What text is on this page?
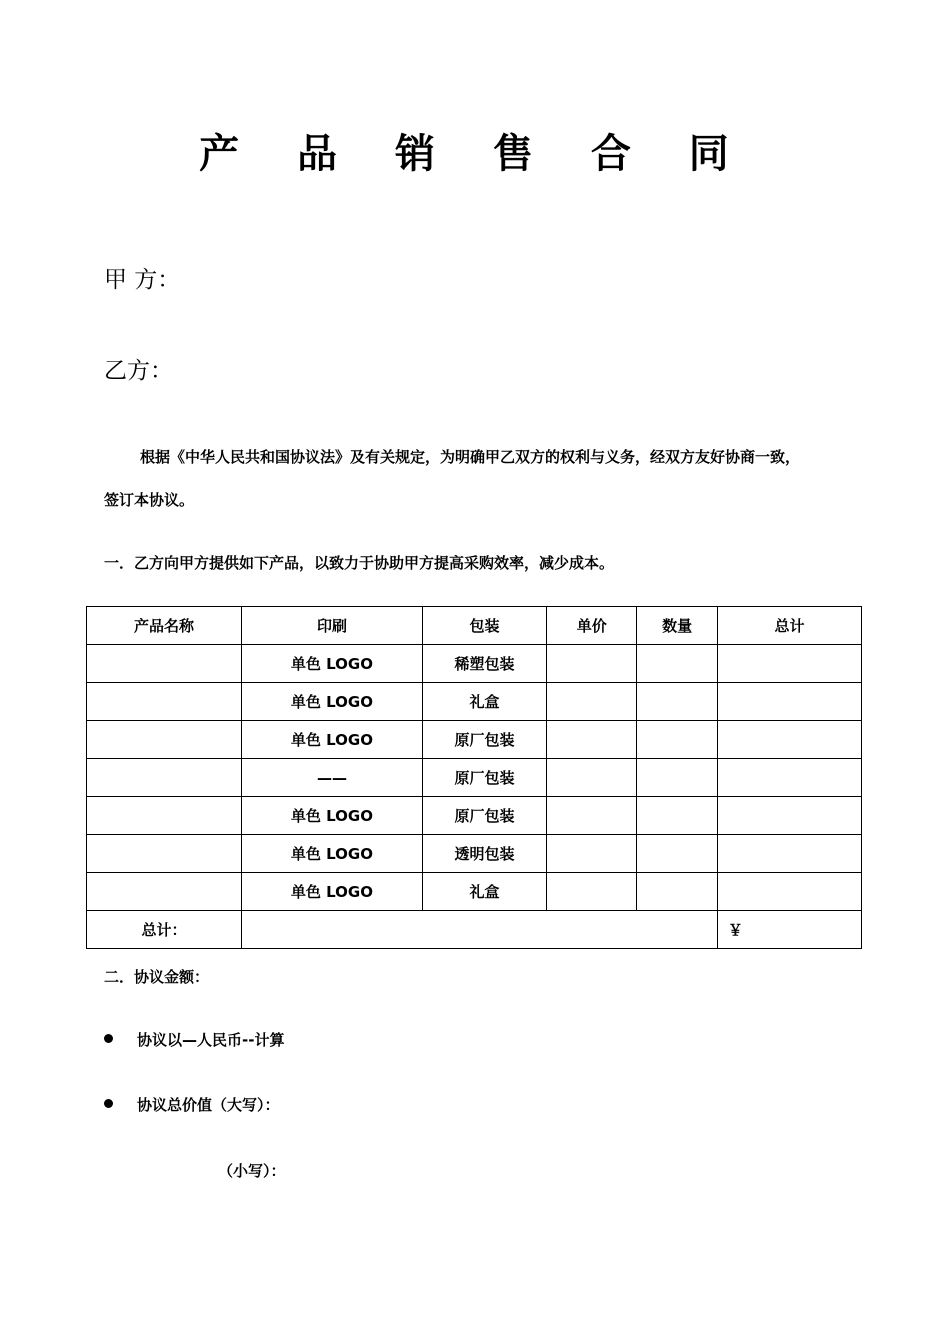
产 品 销 售 合 同
甲 方：
乙方：
根据《中华人民共和国协议法》及有关规定，为明确甲乙双方的权利与义务，经双方友好协商一致，
签订本协议。
一．乙方向甲方提供如下产品，以致力于协助甲方提高采购效率，减少成本。
产品名称	印刷	包装	单价	数量	总计
	单色 LOGO	稀塑包装			
	单色 LOGO	礼盒			
	单色 LOGO	原厂包装			
	——	原厂包装			
	单色 LOGO	原厂包装			
	单色 LOGO	透明包装			
	单色 LOGO	礼盒			
总计：					￥
二．协议金额：
协议以—人民币--计算
协议总价值（大写）：
（小写）：
